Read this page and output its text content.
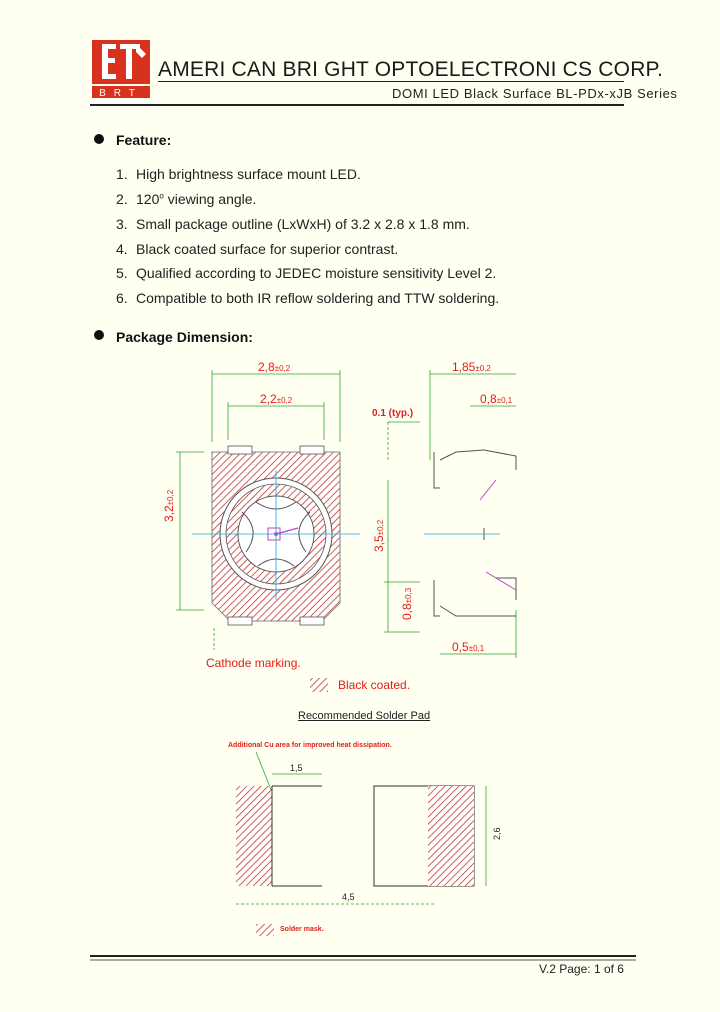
BRT
AMERI CAN BRI GHT OPTOELECTRONI CS CORP.
DOMI LED Black Surface BL-PDx-xJB Series
Feature:
1. High brightness surface mount LED.
2. 120$^o$ viewing angle.
3. Small package outline (LxWxH) of 3.2 x 2.8 x 1.8 mm.
4. Black coated surface for superior contrast.
5. Qualified according to JEDEC moisture sensitivity Level 2.
6. Compatible to both IR reflow soldering and TTW soldering.
Package Dimension:
2,8±0,2
2,2±0,2
3,2±0,2
1,85±0,2
0,8±0,1
0.1 (typ.)
3,5±0,2
0,8±0,3
0,5±0,1
Cathode marking.
Black coated.
Recommended Solder Pad
Additional Cu area for improved heat dissipation.
1,5
2,6
4,5
Solder mask.
V.2 Page: 1 of 6
